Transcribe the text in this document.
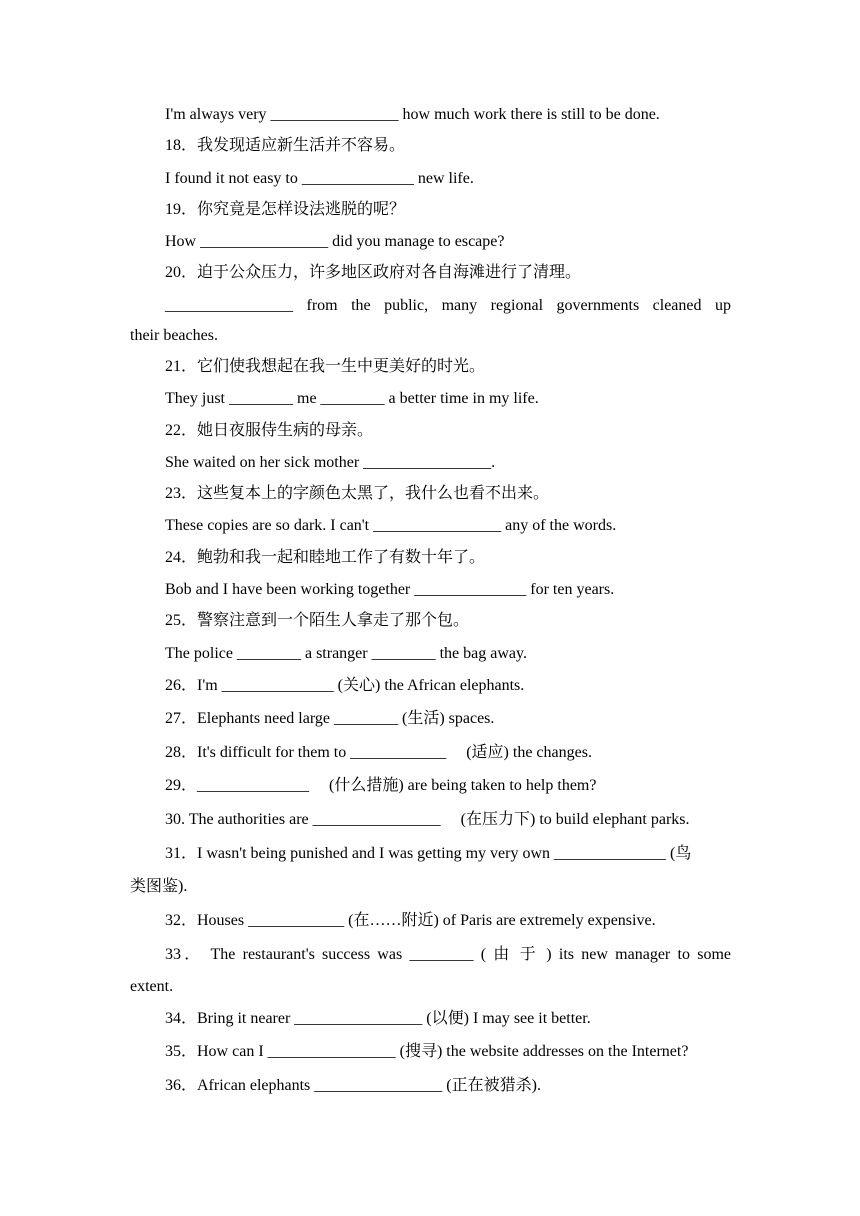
I'm always very ________________ how much work there is still to be done.
18．我发现适应新生活并不容易。
I found it not easy to ______________ new life.
19．你究竟是怎样设法逃脱的呢？
How ________________ did you manage to escape?
20．迫于公众压力，许多地区政府对各自海滩进行了清理。
________________ from the public, many regional governments cleaned up
their beaches.
21．它们使我想起在我一生中更美好的时光。
They just ________ me ________ a better time in my life.
22．她日夜服侍生病的母亲。
She waited on her sick mother ________________.
23．这些复本上的字颜色太黑了，我什么也看不出来。
These copies are so dark. I can't ________________ any of the words.
24．鲍勃和我一起和睦地工作了有数十年了。
Bob and I have been working together ______________ for ten years.
25．警察注意到一个陌生人拿走了那个包。
The police ________ a stranger ________ the bag away.
26．I'm ______________ (关心) the African elephants.
27．Elephants need large ________ (生活) spaces.
28．It's difficult for them to ____________ 　(适应) the changes.
29．______________ 　(什么措施) are being taken to help them?
30. The authorities are ________________ 　(在压力下) to build elephant parks.
31．I wasn't being punished and I was getting my very own ______________ (鸟
类图鉴).
32．Houses ____________ (在……附近) of Paris are extremely expensive.
33． The restaurant's success was ________ ( 由 于 ) its new manager to some
extent.
34．Bring it nearer ________________ (以便) I may see it better.
35．How can I ________________ (搜寻) the website addresses on the Internet?
36．African elephants ________________ (正在被猎杀).
